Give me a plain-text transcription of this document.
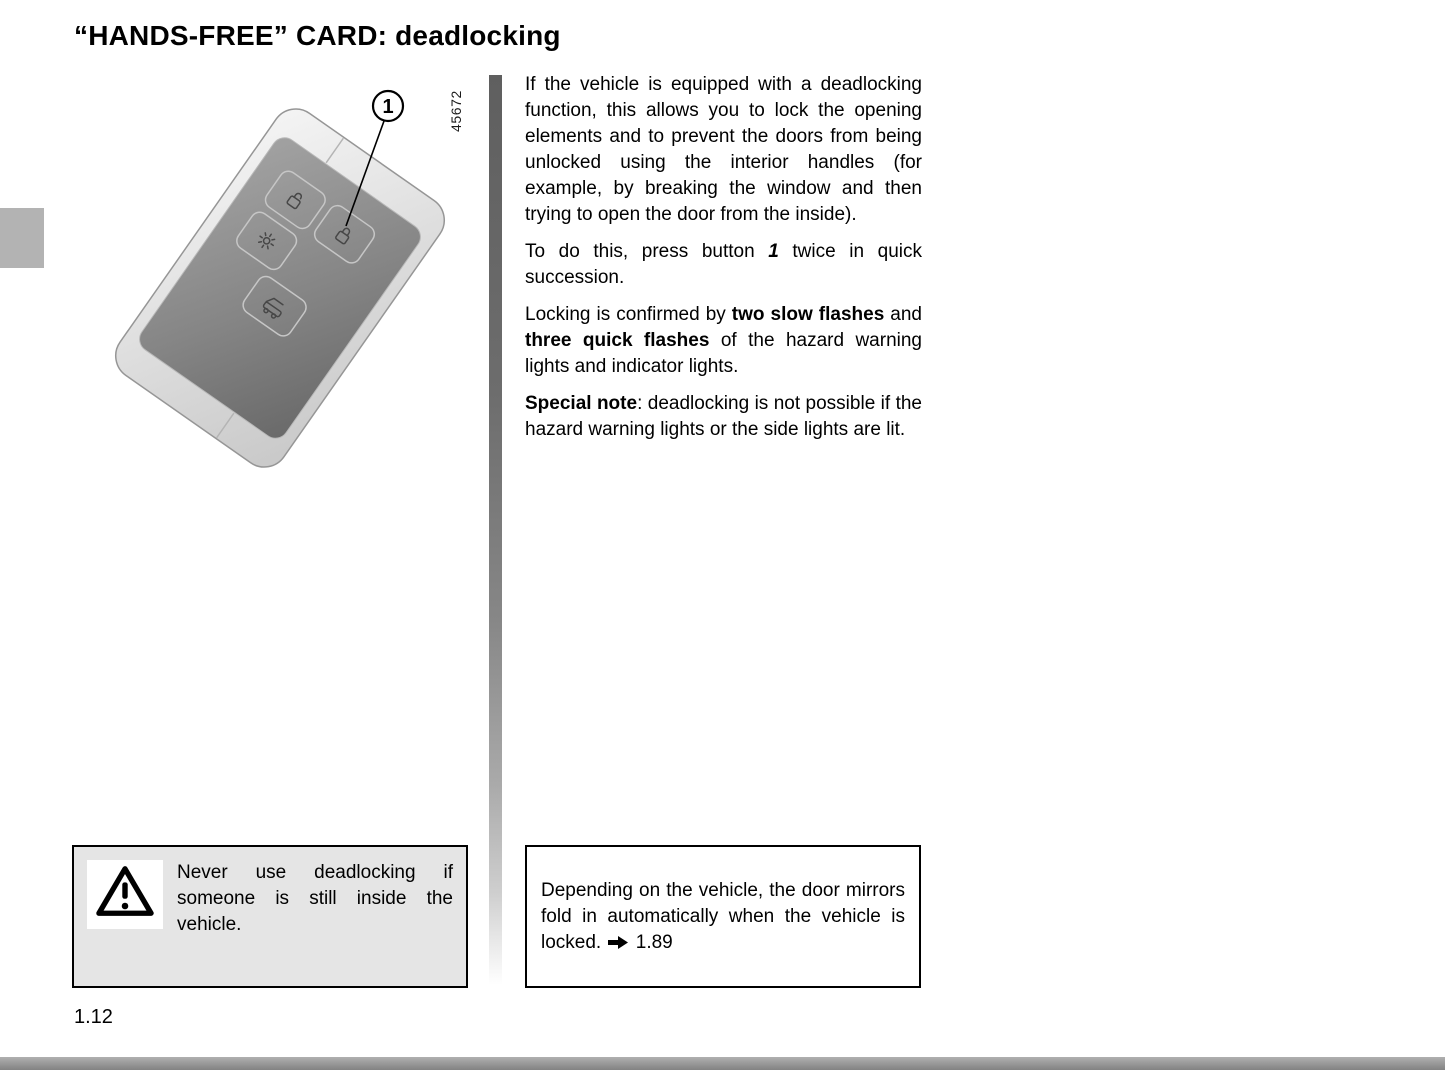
“HANDS-FREE” CARD: deadlocking
1	45672

If the vehicle is equipped with a deadlocking function, this allows you to lock the opening elements and to prevent the doors from being unlocked using the interior handles (for example, by breaking the window and then trying to open the door from the inside).

To do this, press button 1 twice in quick succession.

Locking is confirmed by two slow flashes and three quick flashes of the hazard warning lights and indicator lights.

Special note: deadlocking is not possible if the hazard warning lights or the side lights are lit.

Never use deadlocking if someone is still inside the vehicle.

Depending on the vehicle, the door mirrors fold in automatically when the vehicle is locked. 1.89

1.12
